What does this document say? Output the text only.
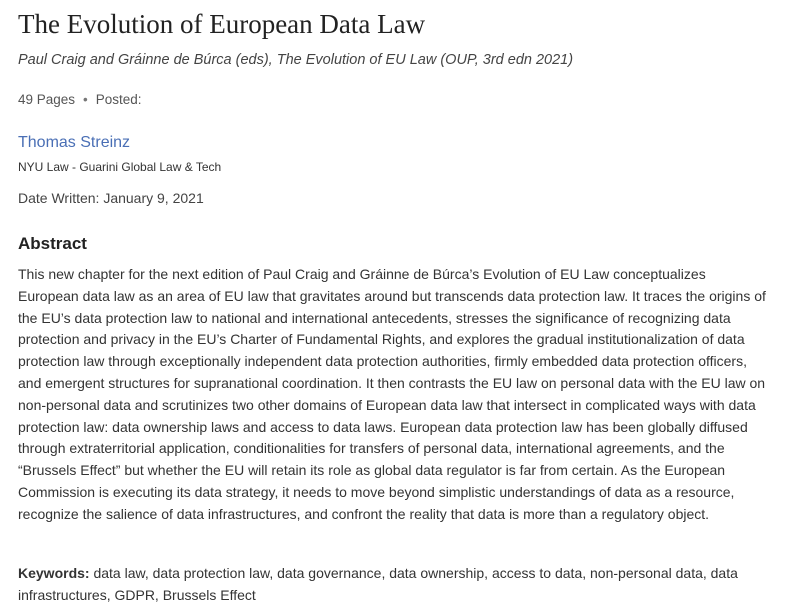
The Evolution of European Data Law
Paul Craig and Gráinne de Búrca (eds), The Evolution of EU Law (OUP, 3rd edn 2021)
49 Pages • Posted:
Thomas Streinz
NYU Law - Guarini Global Law & Tech
Date Written: January 9, 2021
Abstract

This new chapter for the next edition of Paul Craig and Gráinne de Búrca’s Evolution of EU Law conceptualizes European data law as an area of EU law that gravitates around but transcends data protection law. It traces the origins of the EU’s data protection law to national and international antecedents, stresses the significance of recognizing data protection and privacy in the EU’s Charter of Fundamental Rights, and explores the gradual institutionalization of data protection law through exceptionally independent data protection authorities, firmly embedded data protection officers, and emergent structures for supranational coordination. It then contrasts the EU law on personal data with the EU law on non-personal data and scrutinizes two other domains of European data law that intersect in complicated ways with data protection law: data ownership laws and access to data laws. European data protection law has been globally diffused through extraterritorial application, conditionalities for transfers of personal data, international agreements, and the “Brussels Effect” but whether the EU will retain its role as global data regulator is far from certain. As the European Commission is executing its data strategy, it needs to move beyond simplistic understandings of data as a resource, recognize the salience of data infrastructures, and confront the reality that data is more than a regulatory object.

Keywords: data law, data protection law, data governance, data ownership, access to data, non-personal data, data infrastructures, GDPR, Brussels Effect
